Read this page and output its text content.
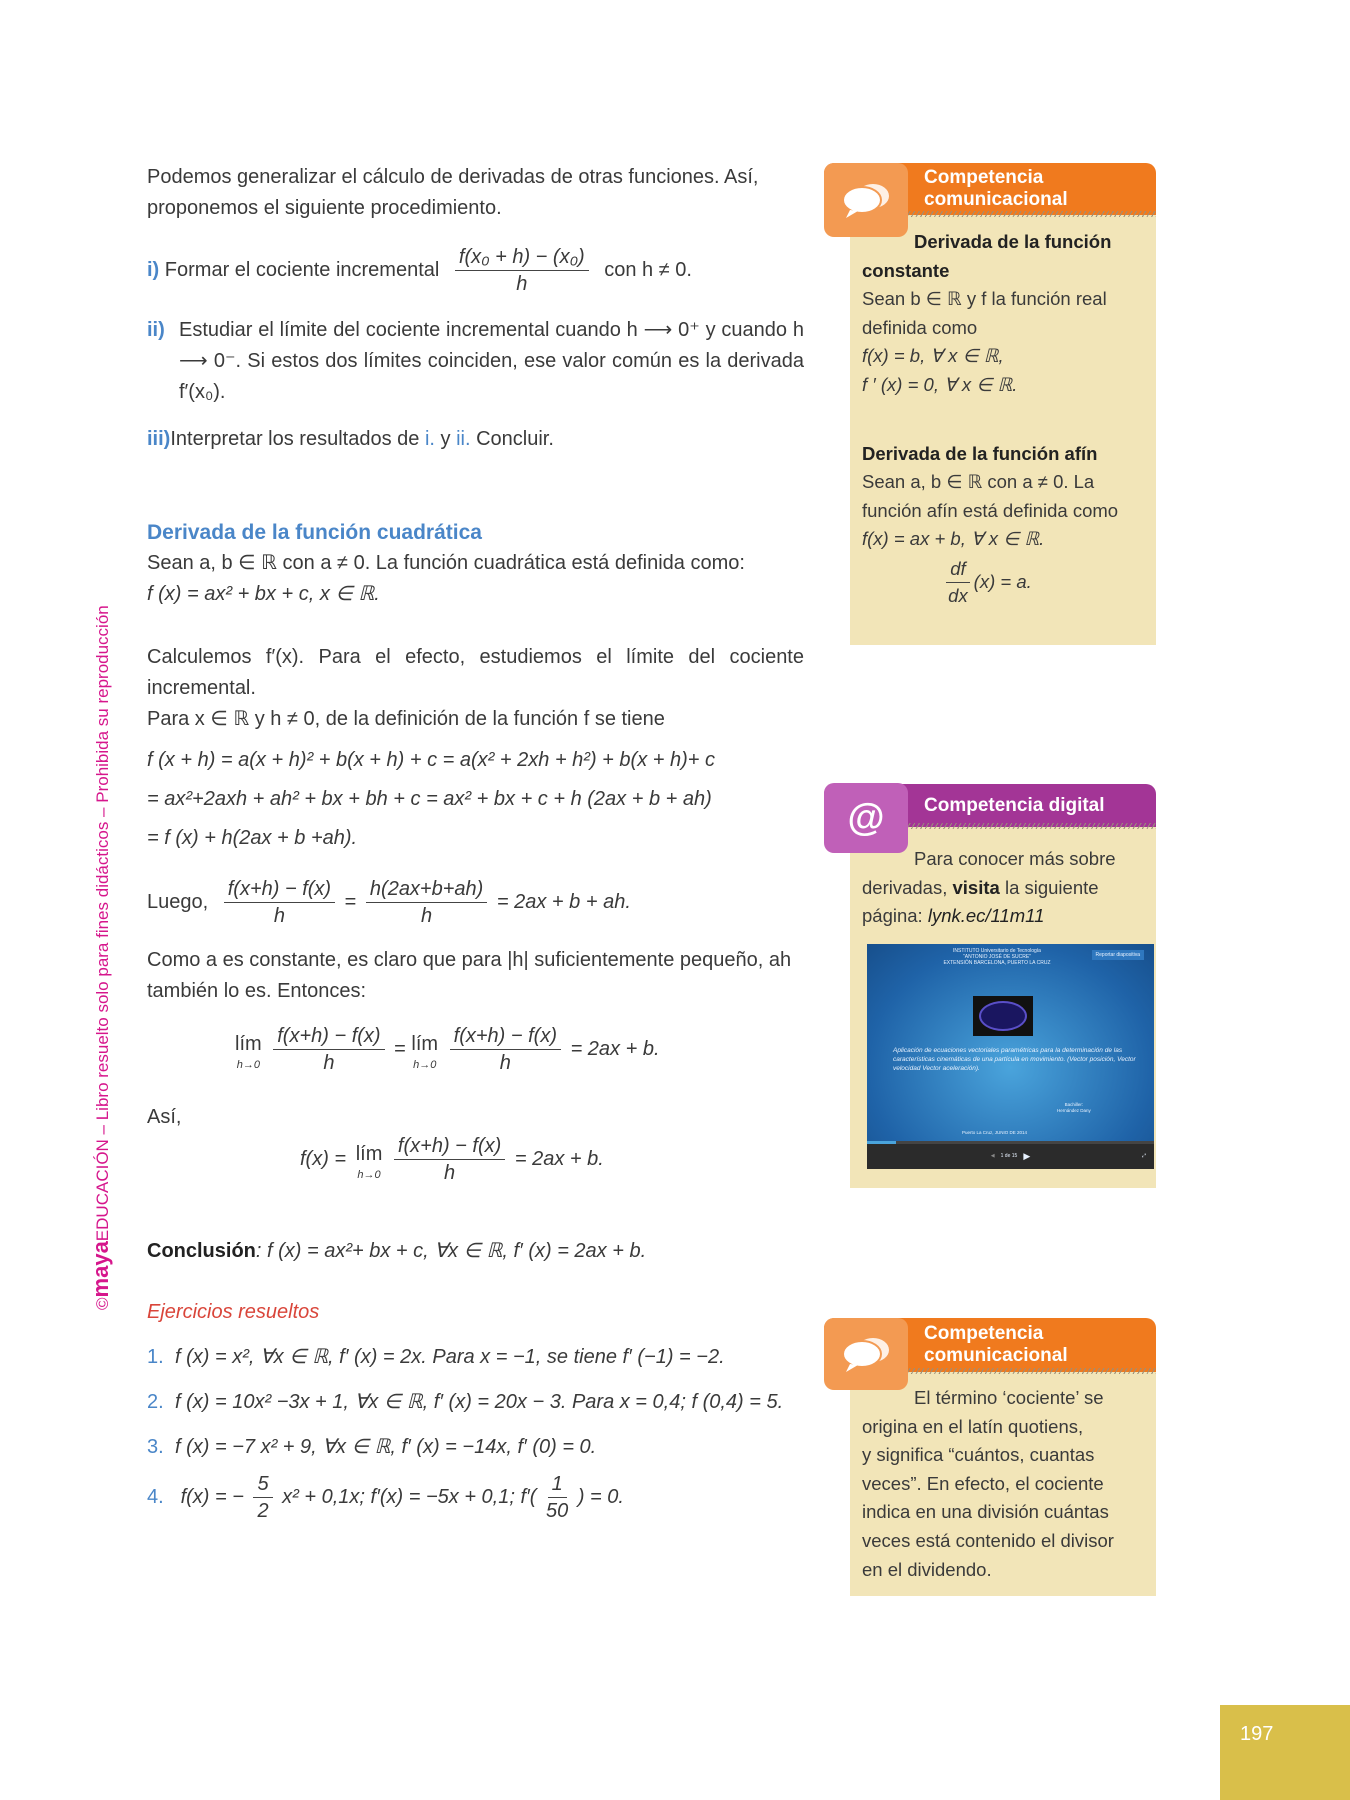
©mayaEDUCACIÓN – Libro resuelto solo para fines didácticos – Prohibida su reproducción
Podemos generalizar el cálculo de derivadas de otras funciones. Así, proponemos el siguiente procedimiento.
i) Formar el cociente incremental $\frac{\text{f(x₀ + h) − (x₀)}}{h}$ con h ≠ 0.
ii) Estudiar el límite del cociente incremental cuando h ⟶ 0⁺ y cuando h ⟶ 0⁻. Si estos dos límites coinciden, ese valor común es la derivada f′(x₀).
iii)Interpretar los resultados de i. y ii. Concluir.
Derivada de la función cuadrática
Sean a, b ∈ ℝ con a ≠ 0. La función cuadrática está definida como:
f (x) = ax² + bx + c, x ∈ ℝ.
Calculemos f′(x). Para el efecto, estudiemos el límite del cociente incremental.
Para x ∈ ℝ y h ≠ 0, de la definición de la función f se tiene
f (x + h) = a(x + h)² + b(x + h) + c = a(x² + 2xh + h²) + b(x + h)+ c
= ax²+2axh + ah² + bx + bh + c = ax² + bx + c + h (2ax + b + ah)
= f (x) + h(2ax + b +ah).
Luego, $\frac{f(x+h) - f(x)}{h} = \frac{h(2ax+b+ah)}{h} = 2ax + b$ + ah.
Como a es constante, es claro que para |h| suficientemente pequeño, ah también lo es. Entonces:
lím
h→0
$\frac{f(x+h) - f(x)}{h}$ = lím
h→0
$\frac{f(x+h) - f(x)}{h} = 2ax + b$.
Así,
f(x) = lím
h→0
$\frac{f(x+h) - f(x)}{h} = 2ax + b$.
Conclusión: f (x) = ax²+ bx + c, ∀x ∈ ℝ, f′ (x) = 2ax + b.
Ejercicios resueltos
1. f (x) = x², ∀x ∈ ℝ, f′ (x) = 2x. Para x = −1, se tiene f′ (−1) = −2.
2. f (x) = 10x² −3x + 1, ∀x ∈ ℝ, f′ (x) = 20x − 3. Para x = 0,4; f (0,4) = 5.
3. f (x) = −7 x² + 9, ∀x ∈ ℝ, f′ (x) = −14x, f′ (0) = 0.
4. f(x) = − $\frac{5}{2} x^2 + 0,1x$; f′(x) = −5x + 0,1; $f'( \frac{1}{50}$ ) = 0.
Competencia comunicacional
Derivada de la función constante
Sean b ∈ ℝ y f la función real
definida como
f(x) = b, ∀ x ∈ ℝ,
f ′ (x) = 0, ∀ x ∈ ℝ.
Derivada de la función afín
Sean a, b ∈ ℝ con a ≠ 0. La
función afín está definida como
f(x) = ax + b, ∀ x ∈ ℝ.
$\frac{df}{dx} (x) = a$.
Competencia digital
@
Para conocer más sobre
derivadas, visita la siguiente
página: lynk.ec/11m11
INSTITUTO Universitario de Tecnología
“ANTONIO JOSÉ DE SUCRE”
EXTENSIÓN BARCELONA, PUERTO LA CRUZ
Reportar diapositiva
Aplicación de ecuaciones vectoriales paramétricas para la determinación de las características cinemáticas de una partícula en movimiento. (Vector posición, Vector velocidad Vector aceleración).
Bachiller:
Hernández Dany
Puerto La Cruz, JUNIO DE 2014
◀ 1 de 15 ▶	⤢
Competencia comunicacional
El término ‘cociente’ se
origina en el latín quotiens,
y significa “cuántos, cuantas
veces”. En efecto, el cociente
indica en una división cuántas
veces está contenido el divisor
en el dividendo.
197
